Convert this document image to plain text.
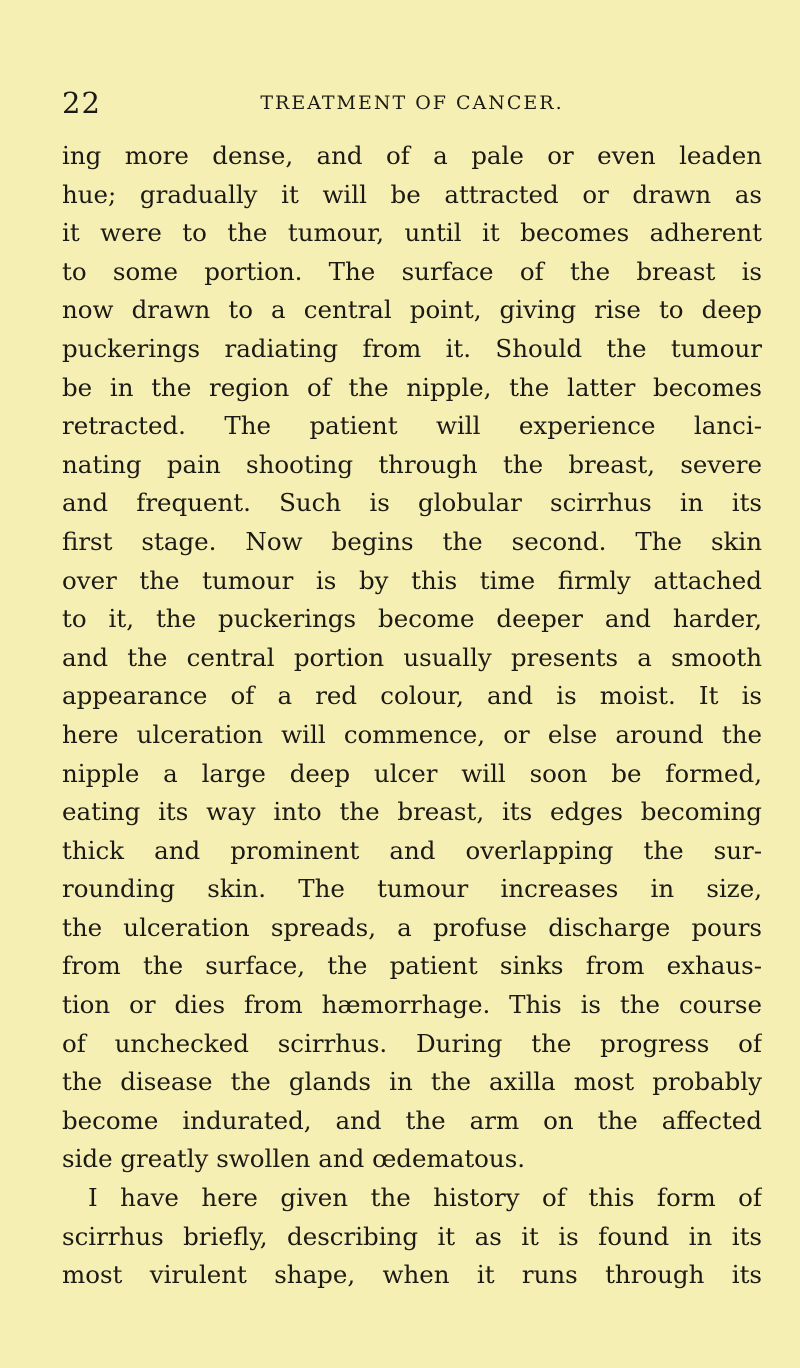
22	TREATMENT OF CANCER.
ing more dense, and of a pale or even leaden
hue; gradually it will be attracted or drawn as
it were to the tumour, until it becomes adherent
to some portion. The surface of the breast is
now drawn to a central point, giving rise to deep
puckerings radiating from it. Should the tumour
be in the region of the nipple, the latter becomes
retracted. The patient will experience lanci-
nating pain shooting through the breast, severe
and frequent. Such is globular scirrhus in its
first stage. Now begins the second. The skin
over the tumour is by this time firmly attached
to it, the puckerings become deeper and harder,
and the central portion usually presents a smooth
appearance of a red colour, and is moist. It is
here ulceration will commence, or else around the
nipple a large deep ulcer will soon be formed,
eating its way into the breast, its edges becoming
thick and prominent and overlapping the sur-
rounding skin. The tumour increases in size,
the ulceration spreads, a profuse discharge pours
from the surface, the patient sinks from exhaus-
tion or dies from hæmorrhage. This is the course
of unchecked scirrhus. During the progress of
the disease the glands in the axilla most probably
become indurated, and the arm on the affected
side greatly swollen and œdematous.
I have here given the history of this form of
scirrhus briefly, describing it as it is found in its
most virulent shape, when it runs through its
